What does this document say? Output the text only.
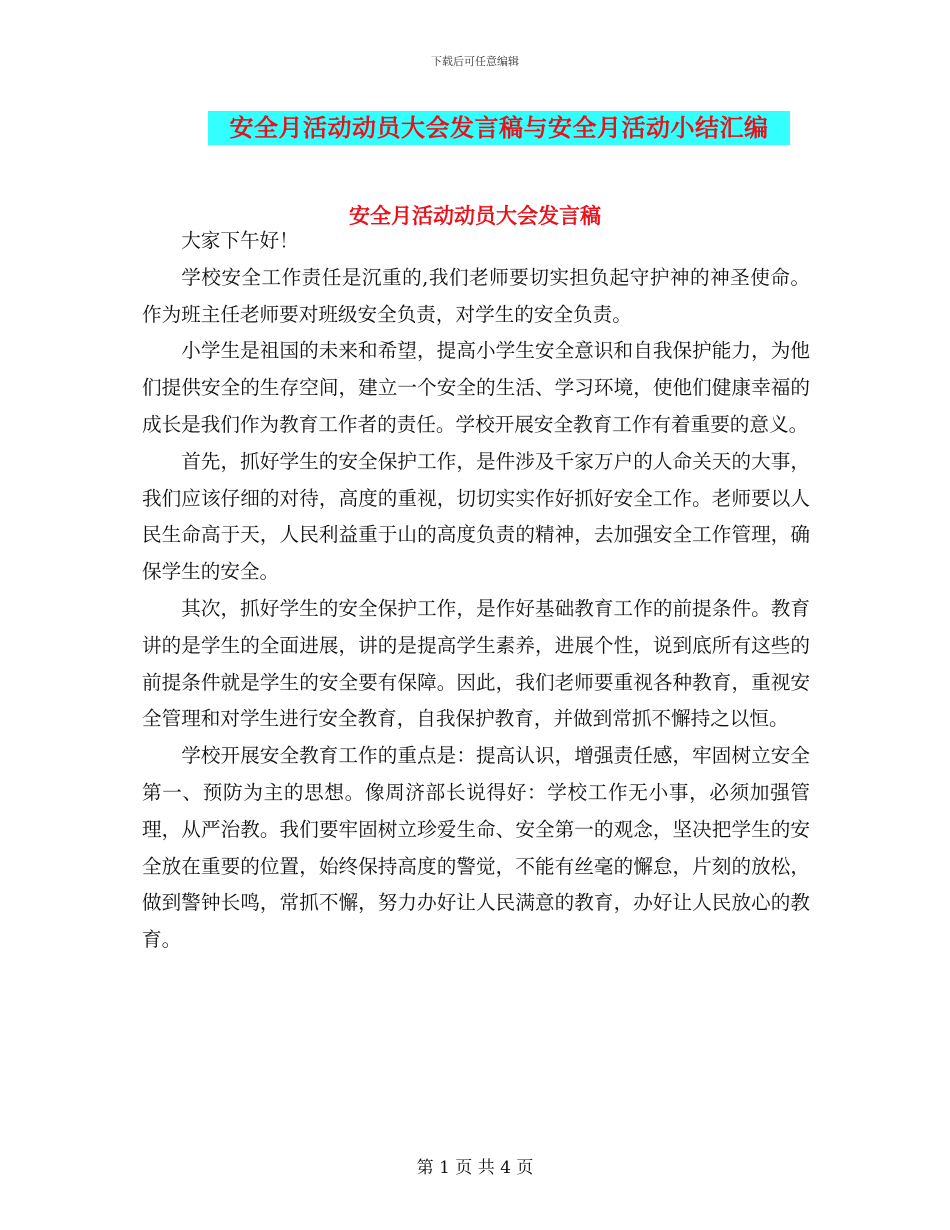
下载后可任意编辑
安全月活动动员大会发言稿与安全月活动小结汇编
安全月活动动员大会发言稿

大家下午好！

学校安全工作责任是沉重的,我们老师要切实担负起守护神的神圣使命。作为班主任老师要对班级安全负责，对学生的安全负责。

小学生是祖国的未来和希望，提高小学生安全意识和自我保护能力，为他们提供安全的生存空间，建立一个安全的生活、学习环境，使他们健康幸福的成长是我们作为教育工作者的责任。学校开展安全教育工作有着重要的意义。

首先，抓好学生的安全保护工作，是件涉及千家万户的人命关天的大事，我们应该仔细的对待，高度的重视，切切实实作好抓好安全工作。老师要以人民生命高于天，人民利益重于山的高度负责的精神，去加强安全工作管理，确保学生的安全。

其次，抓好学生的安全保护工作，是作好基础教育工作的前提条件。教育讲的是学生的全面进展，讲的是提高学生素养，进展个性，说到底所有这些的前提条件就是学生的安全要有保障。因此，我们老师要重视各种教育，重视安全管理和对学生进行安全教育，自我保护教育，并做到常抓不懈持之以恒。

学校开展安全教育工作的重点是：提高认识，增强责任感，牢固树立安全第一、预防为主的思想。像周济部长说得好：学校工作无小事，必须加强管理，从严治教。我们要牢固树立珍爱生命、安全第一的观念，坚决把学生的安全放在重要的位置，始终保持高度的警觉，不能有丝毫的懈怠，片刻的放松，做到警钟长鸣，常抓不懈，努力办好让人民满意的教育，办好让人民放心的教育。

第 1 页 共 4 页
